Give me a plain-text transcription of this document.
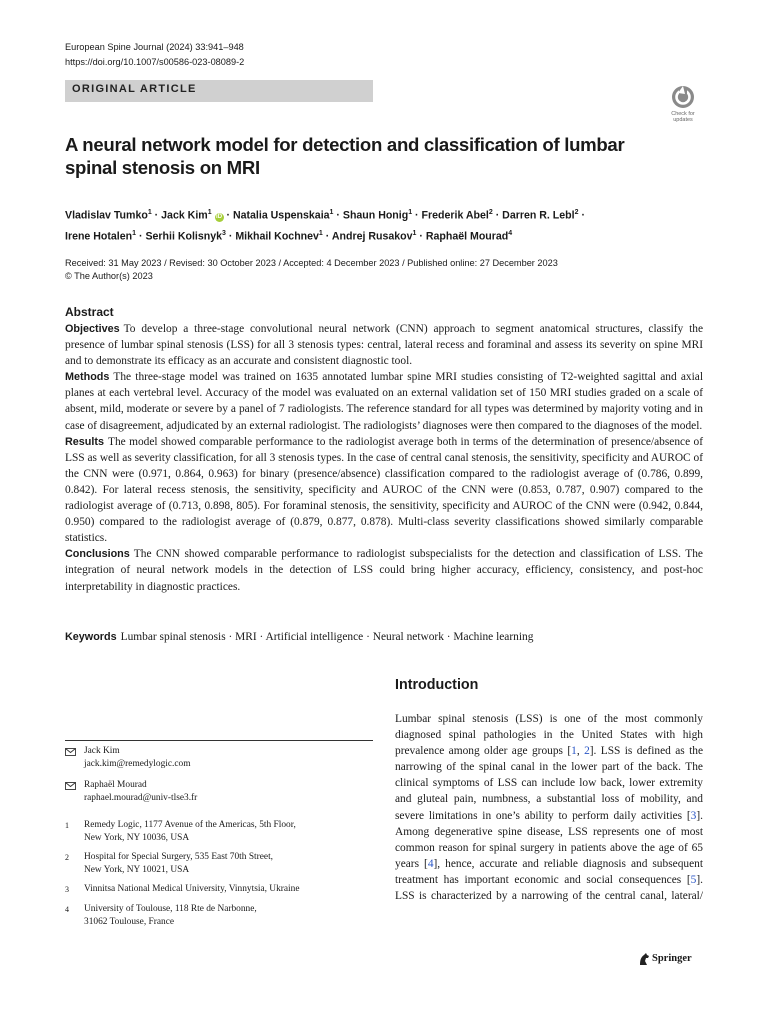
European Spine Journal (2024) 33:941–948
https://doi.org/10.1007/s00586-023-08089-2
ORIGINAL ARTICLE
Check for
updates
A neural network model for detection and classification of lumbar
spinal stenosis on MRI
Vladislav Tumko$^1$ · Jack Kim$^1$ iD · Natalia Uspenskaia$^1$ · Shaun Honig$^1$ · Frederik Abel$^2$ · Darren R. Lebl$^2$ ·
Irene Hotalen$^1$ · Serhii Kolisnyk$^3$ · Mikhail Kochnev$^1$ · Andrej Rusakov$^1$ · Raphaël Mourad$^4$
Received: 31 May 2023 / Revised: 30 October 2023 / Accepted: 4 December 2023 / Published online: 27 December 2023
© The Author(s) 2023
Abstract

Objectives To develop a three-stage convolutional neural network (CNN) approach to segment anatomical structures, classify the presence of lumbar spinal stenosis (LSS) for all 3 stenosis types: central, lateral recess and foraminal and assess its severity on spine MRI and to demonstrate its efficacy as an accurate and consistent diagnostic tool.

Methods The three-stage model was trained on 1635 annotated lumbar spine MRI studies consisting of T2-weighted sagittal and axial planes at each vertebral level. Accuracy of the model was evaluated on an external validation set of 150 MRI studies graded on a scale of absent, mild, moderate or severe by a panel of 7 radiologists. The reference standard for all types was determined by majority voting and in case of disagreement, adjudicated by an external radiologist. The radiologists’ diagnoses were then compared to the diagnoses of the model.

Results The model showed comparable performance to the radiologist average both in terms of the determination of presence/absence of LSS as well as severity classification, for all 3 stenosis types. In the case of central canal stenosis, the sensitivity, specificity and AUROC of the CNN were (0.971, 0.864, 0.963) for binary (presence/absence) classification compared to the radiologist average of (0.786, 0.899, 0.842). For lateral recess stenosis, the sensitivity, specificity and AUROC of the CNN were (0.853, 0.787, 0.907) compared to the radiologist average of (0.713, 0.898, 805). For foraminal stenosis, the sensitivity, specificity and AUROC of the CNN were (0.942, 0.844, 0.950) compared to the radiologist average of (0.879, 0.877, 0.878). Multi-class severity classifications showed similarly comparable statistics.

Conclusions The CNN showed comparable performance to radiologist subspecialists for the detection and classification of LSS. The integration of neural network models in the detection of LSS could bring higher accuracy, efficiency, consistency, and post-hoc interpretability in diagnostic practices.

Keywords Lumbar spinal stenosis · MRI · Artificial intelligence · Neural network · Machine learning
Introduction
Lumbar spinal stenosis (LSS) is one of the most commonly diagnosed spinal pathologies in the United States with high prevalence among older age groups [1, 2]. LSS is defined as the narrowing of the spinal canal in the lower part of the back. The clinical symptoms of LSS can include low back, lower extremity and gluteal pain, numbness, a substantial loss of mobility, and severe limitations in one’s ability to perform daily activities [3]. Among degenerative spine disease, LSS represents one of most common reason for spinal surgery in patients above the age of 65 years [4], hence, accurate and reliable diagnosis and subsequent treatment has important economic and social consequences [5]. LSS is characterized by a narrowing of the central canal, lateral/
Jack Kim
jack.kim@remedylogic.com
Raphaël Mourad
raphael.mourad@univ-tlse3.fr
1	Remedy Logic, 1177 Avenue of the Americas, 5th Floor,
New York, NY 10036, USA
2	Hospital for Special Surgery, 535 East 70th Street,
New York, NY 10021, USA
3	Vinnitsa National Medical University, Vinnytsia, Ukraine
4	University of Toulouse, 118 Rte de Narbonne,
31062 Toulouse, France
Springer
